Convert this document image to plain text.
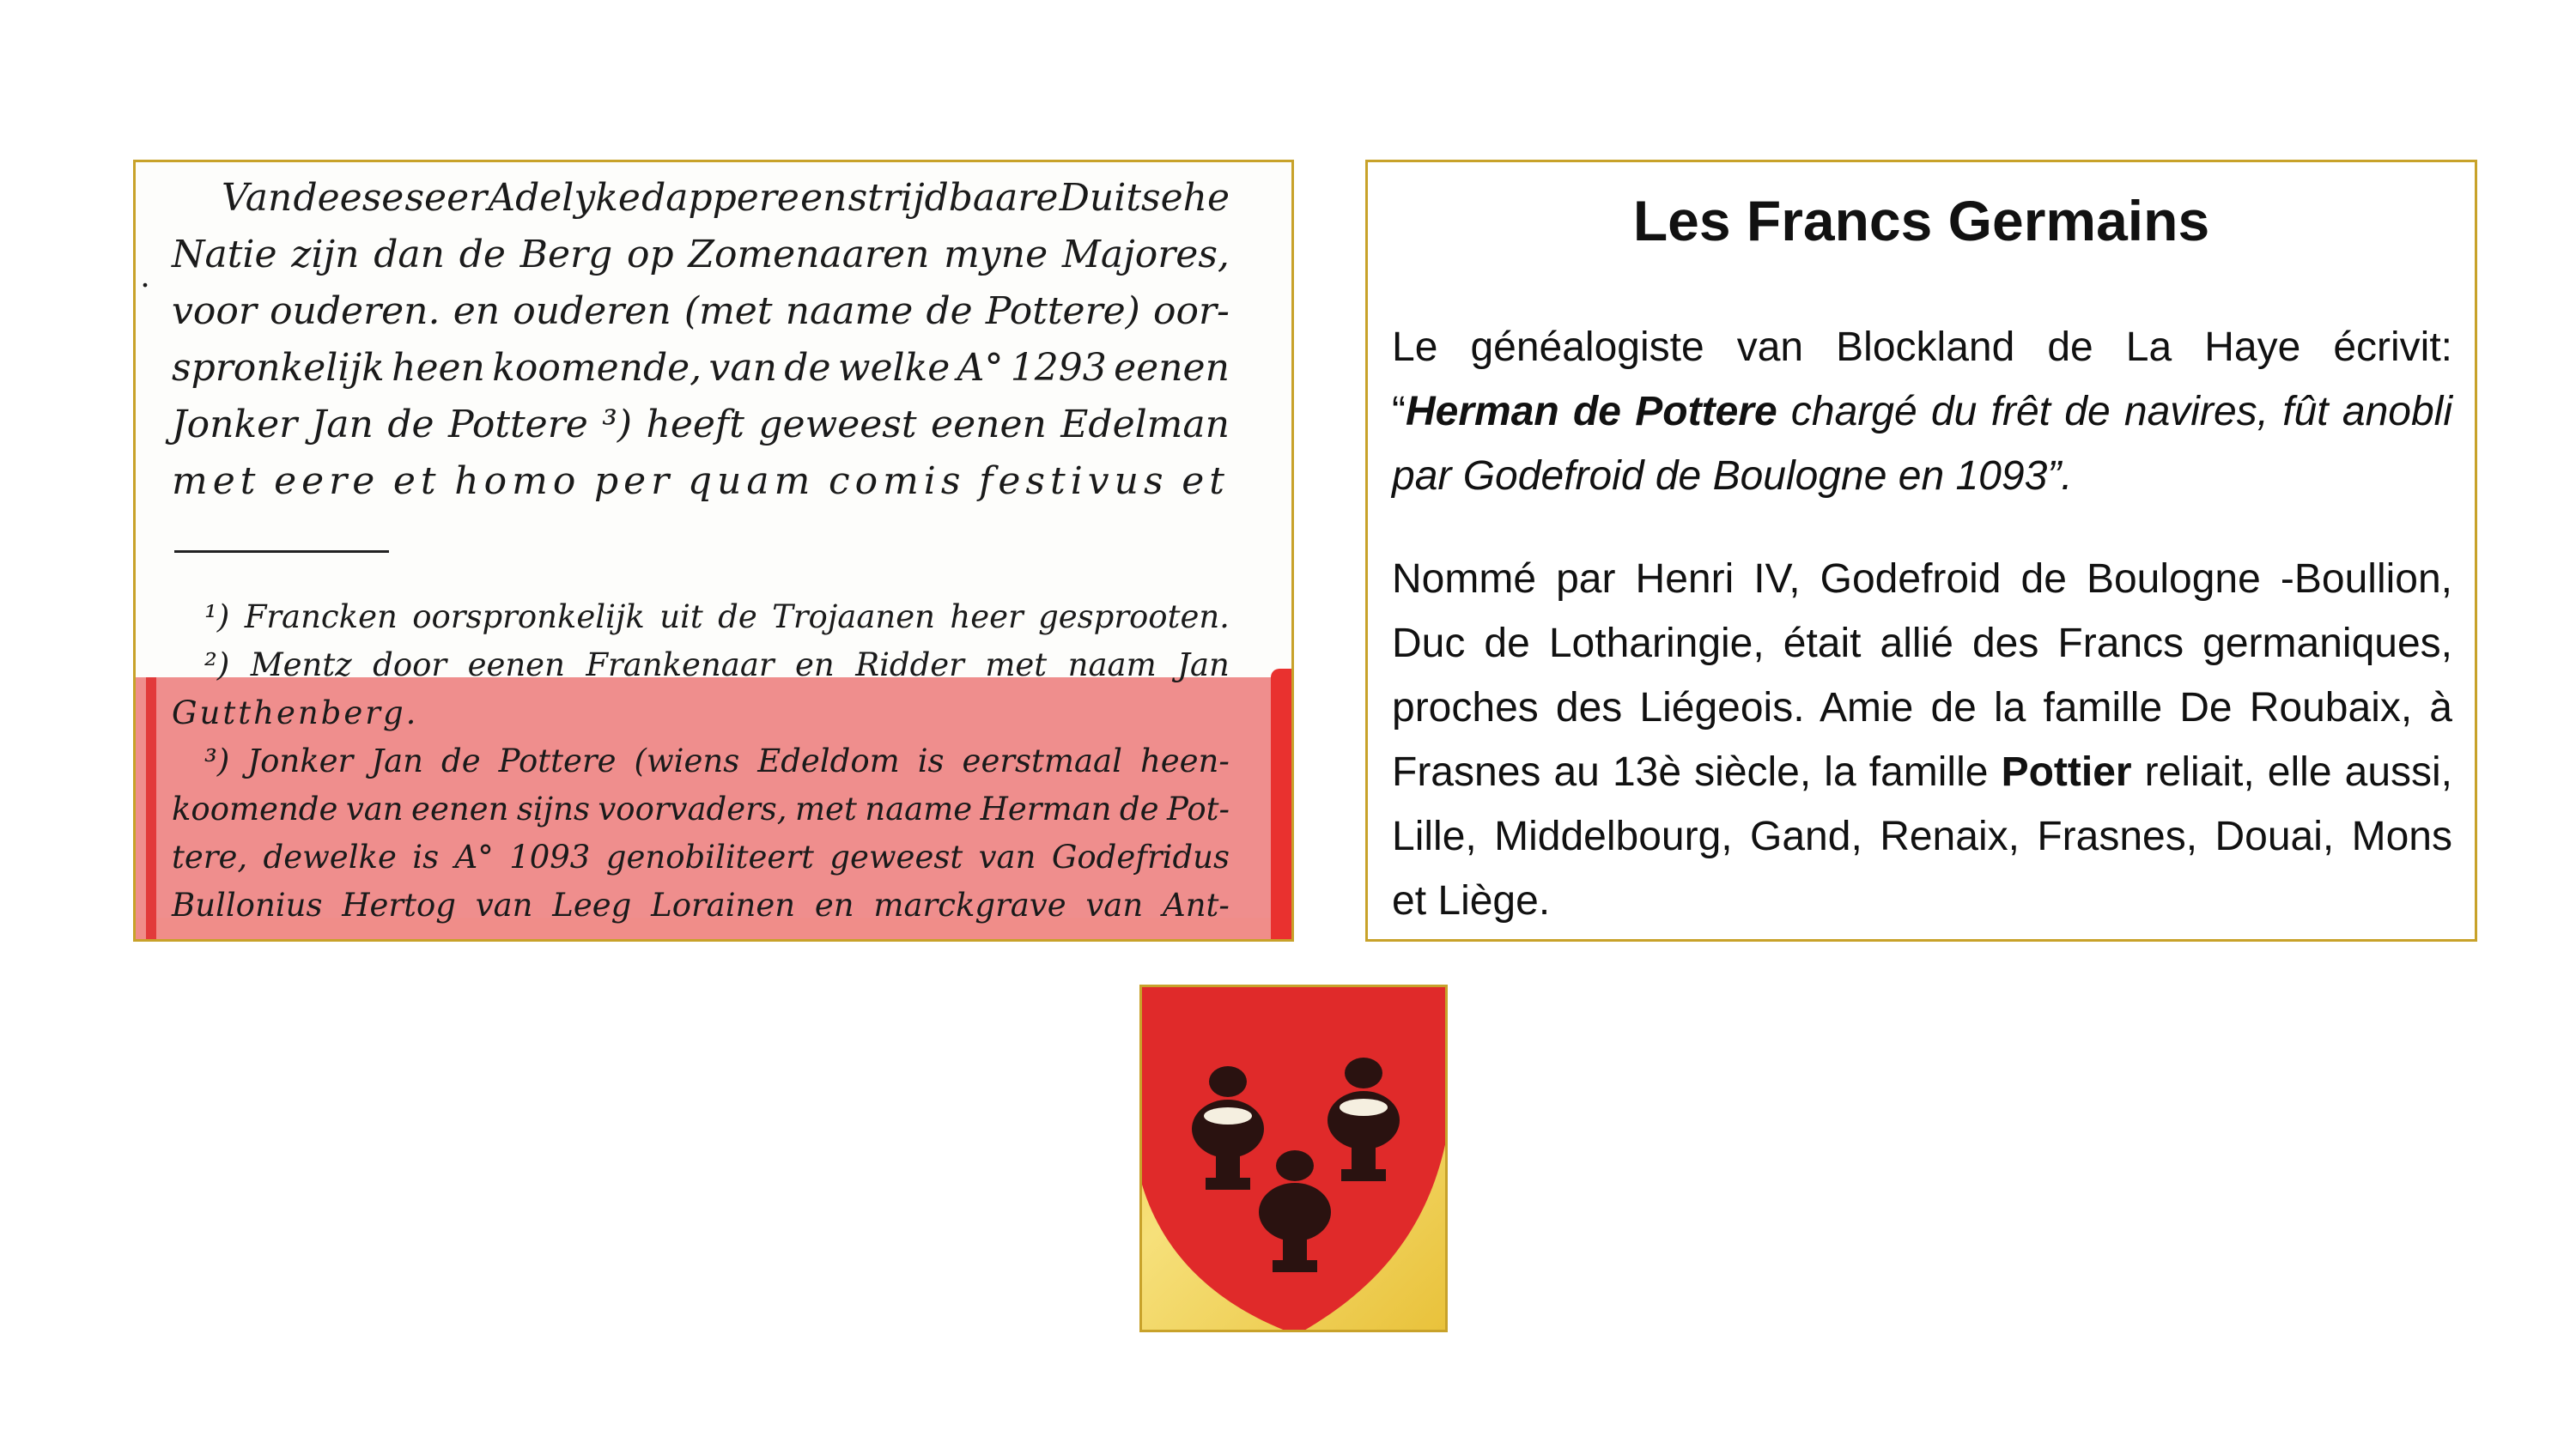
.
Van deese seer Adelyke dappere en strijdbaare Duitsehe
Natie zijn dan de Berg op Zomenaaren myne Majores,
voor ouderen. en ouderen (met naame de Pottere) oor-
spronkelijk heen koomende, van de welke A° 1293 eenen
Jonker Jan de Pottere ³) heeft geweest eenen Edelman
met eere et homo per quam comis festivus et
¹) Francken oorspronkelijk uit de Trojaanen heer gesprooten.
²) Mentz door eenen Frankenaar en Ridder met naam Jan
Gutthenberg.
³) Jonker Jan de Pottere (wiens Edeldom is eerstmaal heen-
koomende van eenen sijns voorvaders, met naame Herman de Pot-
tere, dewelke is A° 1093 genobiliteert geweest van Godefridus
Bullonius Hertog van Leeg Lorainen en marckgrave van Ant-
Les Francs Germains
Le généalogiste van Blockland de La Haye écrivit: “Herman de Pottere chargé du frêt de navires, fût anobli par Godefroid de Boulogne en 1093”.
Nommé par Henri IV, Godefroid de Boulogne -Boullion, Duc de Lotharingie, était allié des Francs germaniques, proches des Liégeois. Amie de la famille De Roubaix, à Frasnes au 13è siècle, la famille Pottier reliait, elle aussi, Lille, Middelbourg, Gand, Renaix, Frasnes, Douai, Mons et Liège.
